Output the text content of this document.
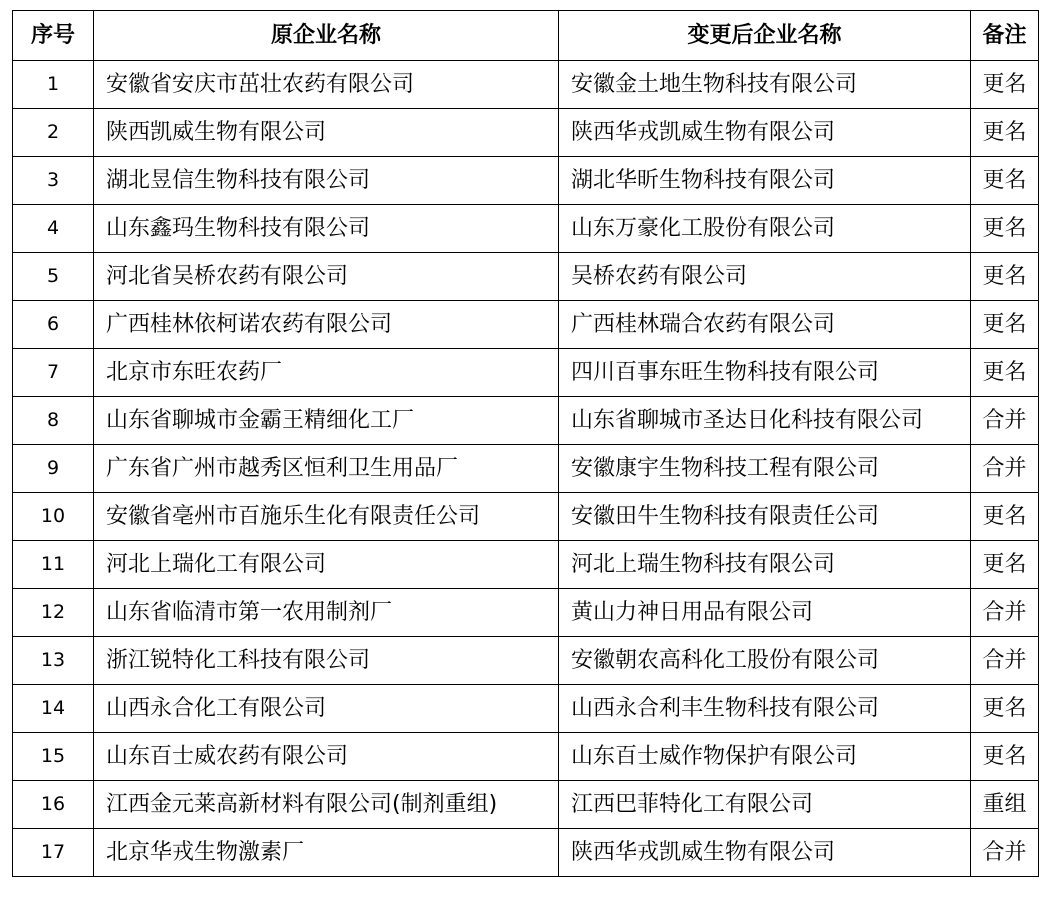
序号	原企业名称	变更后企业名称	备注
1	安徽省安庆市茁壮农药有限公司	安徽金土地生物科技有限公司	更名
2	陕西凯威生物有限公司	陕西华戎凯威生物有限公司	更名
3	湖北昱信生物科技有限公司	湖北华昕生物科技有限公司	更名
4	山东鑫玛生物科技有限公司	山东万豪化工股份有限公司	更名
5	河北省吴桥农药有限公司	吴桥农药有限公司	更名
6	广西桂林依柯诺农药有限公司	广西桂林瑞合农药有限公司	更名
7	北京市东旺农药厂	四川百事东旺生物科技有限公司	更名
8	山东省聊城市金霸王精细化工厂	山东省聊城市圣达日化科技有限公司	合并
9	广东省广州市越秀区恒利卫生用品厂	安徽康宇生物科技工程有限公司	合并
10	安徽省亳州市百施乐生化有限责任公司	安徽田牛生物科技有限责任公司	更名
11	河北上瑞化工有限公司	河北上瑞生物科技有限公司	更名
12	山东省临清市第一农用制剂厂	黄山力神日用品有限公司	合并
13	浙江锐特化工科技有限公司	安徽朝农高科化工股份有限公司	合并
14	山西永合化工有限公司	山西永合利丰生物科技有限公司	更名
15	山东百士威农药有限公司	山东百士威作物保护有限公司	更名
16	江西金元莱高新材料有限公司(制剂重组)	江西巴菲特化工有限公司	重组
17	北京华戎生物激素厂	陕西华戎凯威生物有限公司	合并
